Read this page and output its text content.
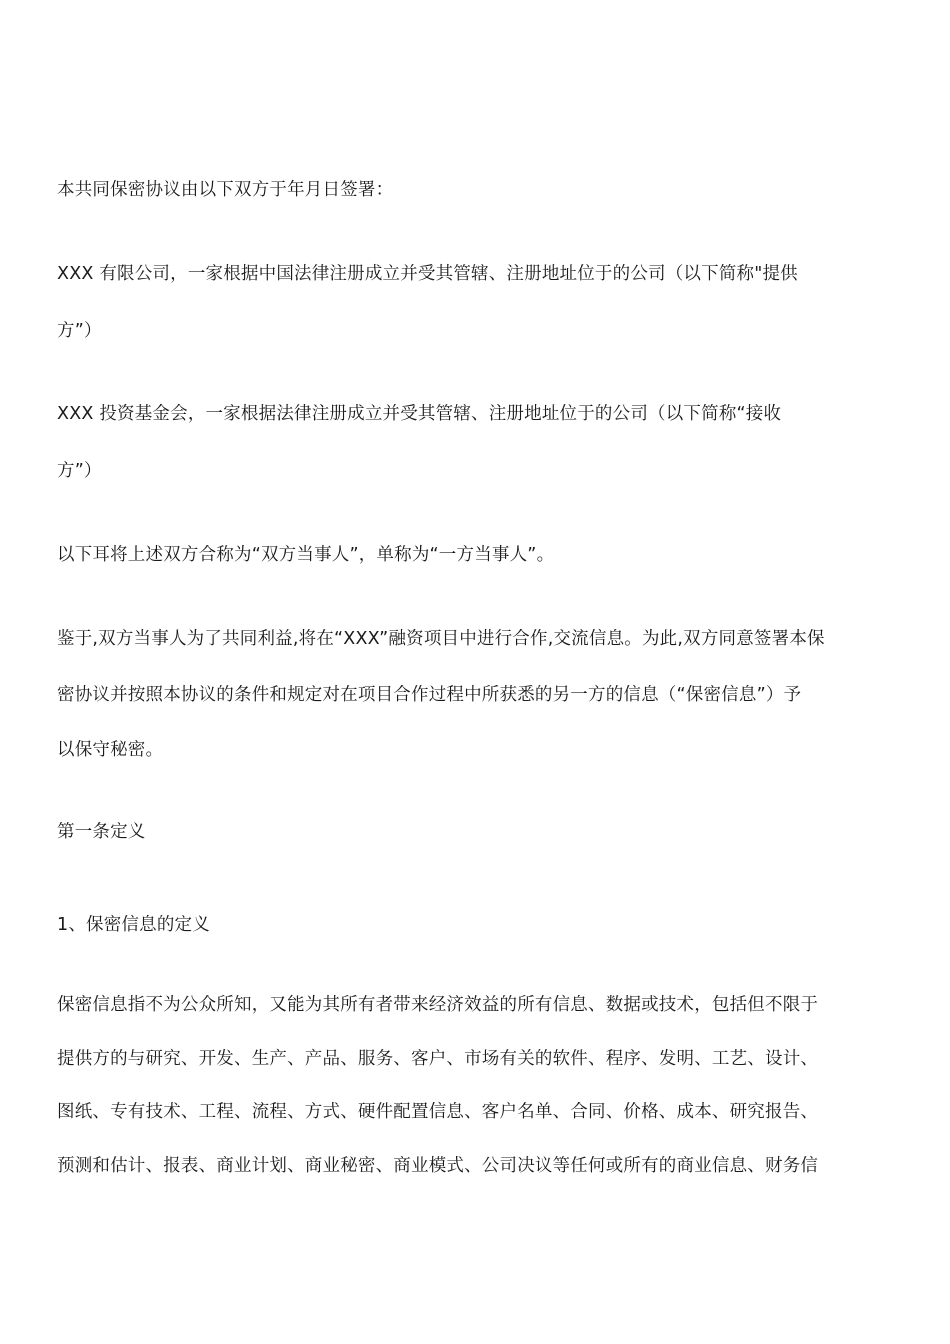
本共同保密协议由以下双方于年月日签署：
XXX 有限公司，一家根据中国法律注册成立并受其管辖、注册地址位于的公司（以下简称"提供
方”）
XXX 投资基金会，一家根据法律注册成立并受其管辖、注册地址位于的公司（以下简称“接收
方”）
以下耳将上述双方合称为“双方当事人”，单称为“一方当事人”。
鉴于,双方当事人为了共同利益,将在“XXX”融资项目中进行合作,交流信息。为此,双方同意签署本保
密协议并按照本协议的条件和规定对在项目合作过程中所获悉的另一方的信息（“保密信息”）予
以保守秘密。
第一条定义
1、保密信息的定义
保密信息指不为公众所知，又能为其所有者带来经济效益的所有信息、数据或技术，包括但不限于
提供方的与研究、开发、生产、产品、服务、客户、市场有关的软件、程序、发明、工艺、设计、
图纸、专有技术、工程、流程、方式、硬件配置信息、客户名单、合同、价格、成本、研究报告、
预测和估计、报表、商业计划、商业秘密、商业模式、公司决议等任何或所有的商业信息、财务信
